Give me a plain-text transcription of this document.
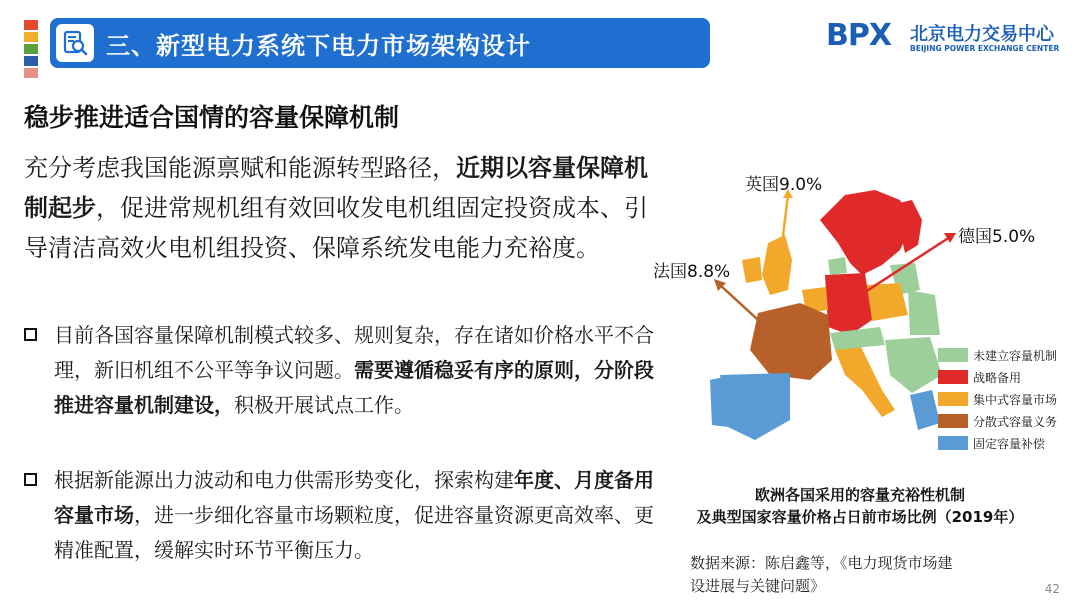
三、新型电力系统下电力市场架构设计	BPX 北京电力交易中心
BEIJING POWER EXCHANGE CENTER
稳步推进适合国情的容量保障机制
充分考虑我国能源禀赋和能源转型路径，近期以容量保障机制起步，促进常规机组有效回收发电机组固定投资成本、引导清洁高效火电机组投资、保障系统发电能力充裕度。
目前各国容量保障机制模式较多、规则复杂，存在诸如价格水平不合理，新旧机组不公平等争议问题。需要遵循稳妥有序的原则，分阶段推进容量机制建设，积极开展试点工作。
根据新能源出力波动和电力供需形势变化，探索构建年度、月度备用容量市场，进一步细化容量市场颗粒度，促进容量资源更高效率、更精准配置，缓解实时环节平衡压力。
英国9.0%
德国5.0%
法国8.8%
未建立容量机制
战略备用
集中式容量市场
分散式容量义务
固定容量补偿
欧洲各国采用的容量充裕性机制
及典型国家容量价格占日前市场比例（2019年）
数据来源：陈启鑫等，《电力现货市场建
设进展与关键问题》	42
